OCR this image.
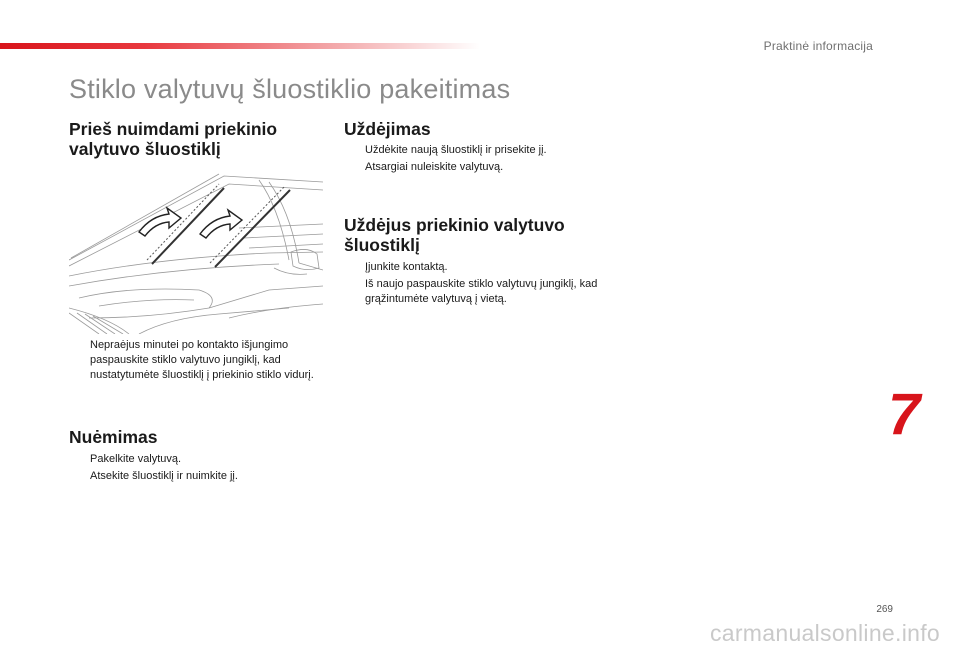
Praktinė informacija
Stiklo valytuvų šluostiklio pakeitimas
Prieš nuimdami priekinio valytuvo šluostiklį
Nepraėjus minutei po kontakto išjungimo paspauskite stiklo valytuvo jungiklį, kad nustatytumėte šluostiklį į priekinio stiklo vidurį.
Nuėmimas
Pakelkite valytuvą.
Atsekite šluostiklį ir nuimkite jį.
Uždėjimas
Uždėkite naują šluostiklį ir prisekite jį.
Atsargiai nuleiskite valytuvą.
Uždėjus priekinio valytuvo šluostiklį
Įjunkite kontaktą.
Iš naujo paspauskite stiklo valytuvų jungiklį, kad grąžintumėte valytuvą į vietą.
7
269
carmanualsonline.info
